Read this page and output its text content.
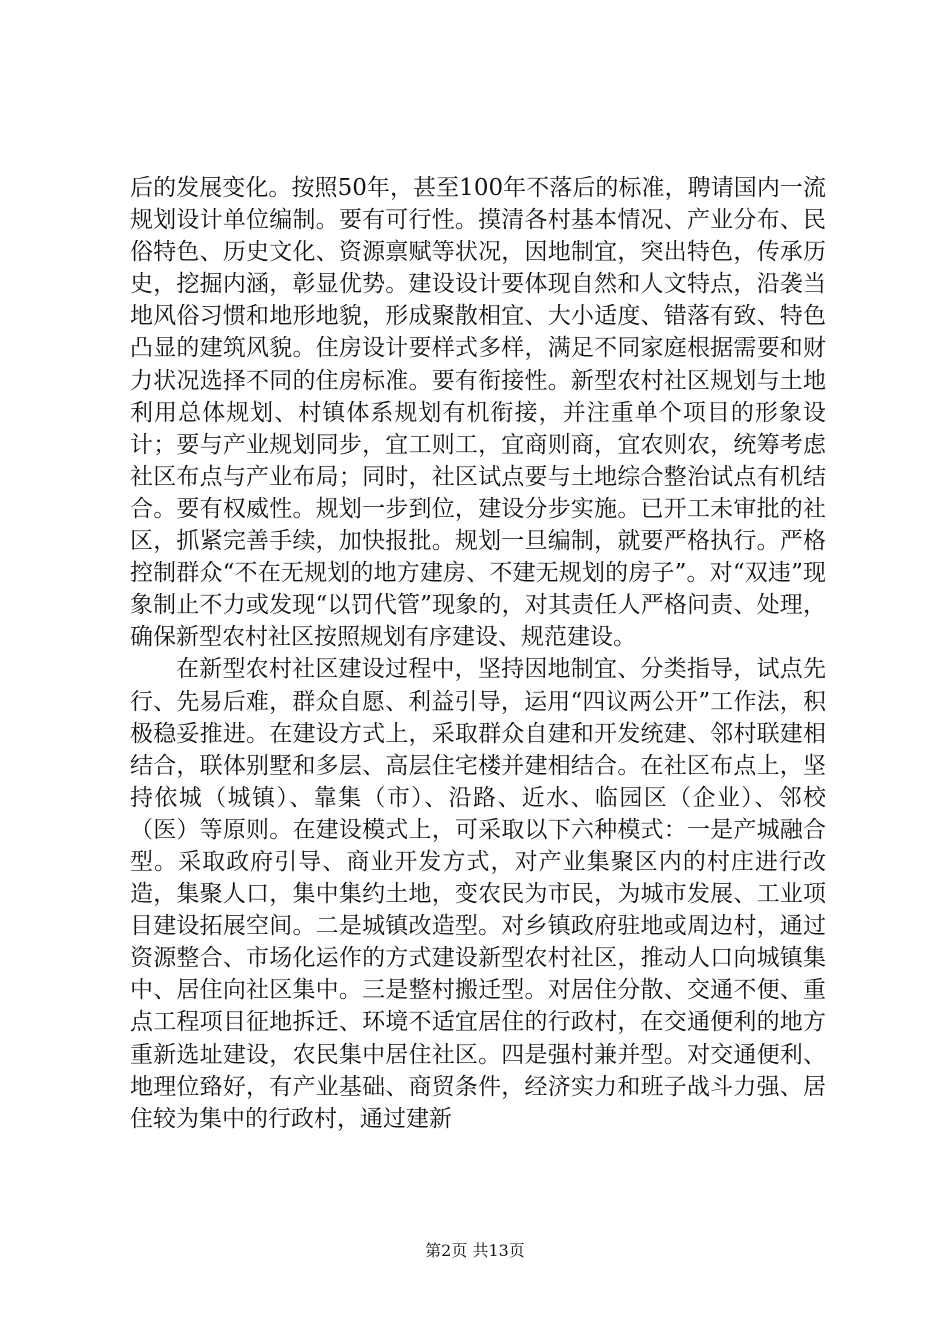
后的发展变化。按照50年，甚至100年不落后的标准，聘请国内一流规划设计单位编制。要有可行性。摸清各村基本情况、产业分布、民俗特色、历史文化、资源禀赋等状况，因地制宜，突出特色，传承历史，挖掘内涵，彰显优势。建设设计要体现自然和人文特点，沿袭当地风俗习惯和地形地貌，形成聚散相宜、大小适度、错落有致、特色凸显的建筑风貌。住房设计要样式多样，满足不同家庭根据需要和财力状况选择不同的住房标准。要有衔接性。新型农村社区规划与土地利用总体规划、村镇体系规划有机衔接，并注重单个项目的形象设计；要与产业规划同步，宜工则工，宜商则商，宜农则农，统筹考虑社区布点与产业布局；同时，社区试点要与土地综合整治试点有机结合。要有权威性。规划一步到位，建设分步实施。已开工未审批的社区，抓紧完善手续，加快报批。规划一旦编制，就要严格执行。严格控制群众“不在无规划的地方建房、不建无规划的房子”。对“双违”现象制止不力或发现“以罚代管”现象的，对其责任人严格问责、处理，确保新型农村社区按照规划有序建设、规范建设。

在新型农村社区建设过程中，坚持因地制宜、分类指导，试点先行、先易后难，群众自愿、利益引导，运用“四议两公开”工作法，积极稳妥推进。在建设方式上，采取群众自建和开发统建、邻村联建相结合，联体别墅和多层、高层住宅楼并建相结合。在社区布点上，坚持依城（城镇）、靠集（市）、沿路、近水、临园区（企业）、邻校（医）等原则。在建设模式上，可采取以下六种模式：一是产城融合型。采取政府引导、商业开发方式，对产业集聚区内的村庄进行改造，集聚人口，集中集约土地，变农民为市民，为城市发展、工业项目建设拓展空间。二是城镇改造型。对乡镇政府驻地或周边村，通过资源整合、市场化运作的方式建设新型农村社区，推动人口向城镇集中、居住向社区集中。三是整村搬迁型。对居住分散、交通不便、重点工程项目征地拆迁、环境不适宜居住的行政村，在交通便利的地方重新选址建设，农民集中居住社区。四是强村兼并型。对交通便利、地理位臵好，有产业基础、商贸条件，经济实力和班子战斗力强、居住较为集中的行政村，通过建新

第2页 共13页
